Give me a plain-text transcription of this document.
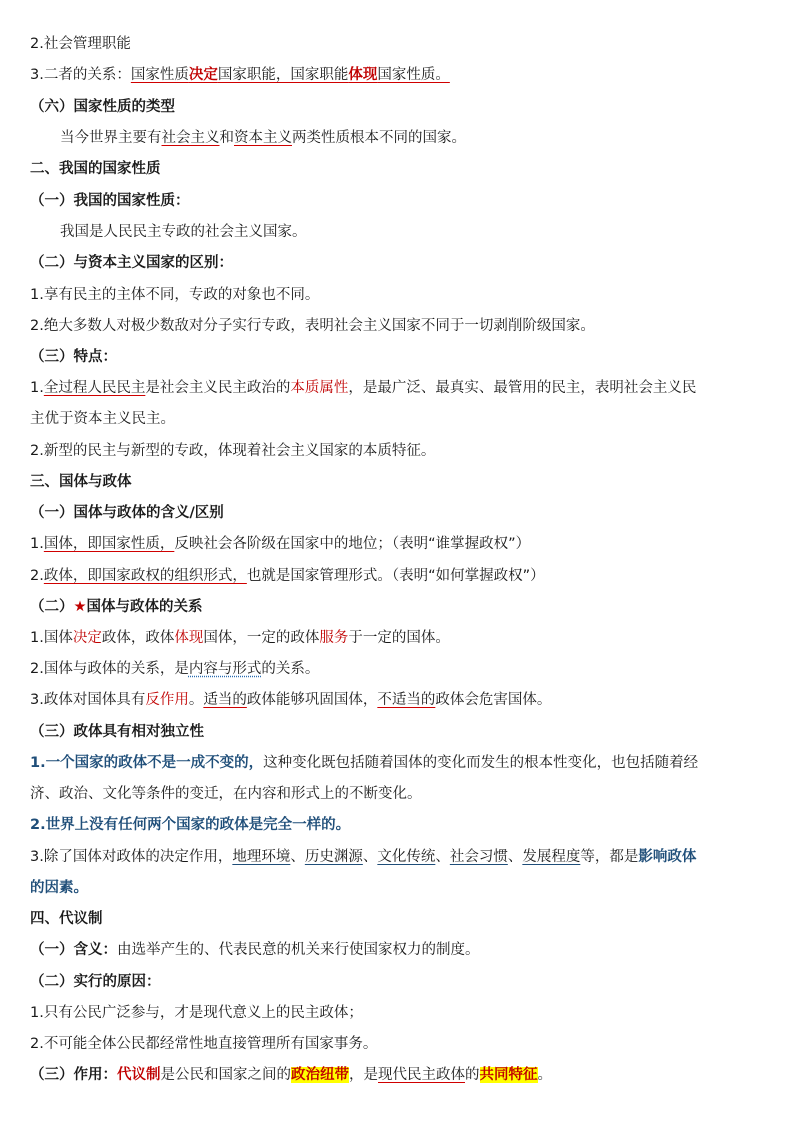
2.社会管理职能
3.二者的关系：国家性质决定国家职能，国家职能体现国家性质。
（六）国家性质的类型
当今世界主要有社会主义和资本主义两类性质根本不同的国家。
二、我国的国家性质
（一）我国的国家性质：
我国是人民民主专政的社会主义国家。
（二）与资本主义国家的区别：
1.享有民主的主体不同，专政的对象也不同。
2.绝大多数人对极少数敌对分子实行专政，表明社会主义国家不同于一切剥削阶级国家。
（三）特点：
1.全过程人民民主是社会主义民主政治的本质属性，是最广泛、最真实、最管用的民主，表明社会主义民
主优于资本主义民主。
2.新型的民主与新型的专政，体现着社会主义国家的本质特征。
三、国体与政体
（一）国体与政体的含义/区别
1.国体，即国家性质，反映社会各阶级在国家中的地位；（表明“谁掌握政权”）
2.政体，即国家政权的组织形式，也就是国家管理形式。（表明“如何掌握政权”）
（二）★国体与政体的关系
1.国体决定政体，政体体现国体，一定的政体服务于一定的国体。
2.国体与政体的关系，是内容与形式的关系。
3.政体对国体具有反作用。适当的政体能够巩固国体，不适当的政体会危害国体。
（三）政体具有相对独立性
1.一个国家的政体不是一成不变的，这种变化既包括随着国体的变化而发生的根本性变化，也包括随着经
济、政治、文化等条件的变迁，在内容和形式上的不断变化。
2.世界上没有任何两个国家的政体是完全一样的。
3.除了国体对政体的决定作用，地理环境、历史渊源、文化传统、社会习惯、发展程度等，都是影响政体
的因素。
四、代议制
（一）含义：由选举产生的、代表民意的机关来行使国家权力的制度。
（二）实行的原因：
1.只有公民广泛参与，才是现代意义上的民主政体；
2.不可能全体公民都经常性地直接管理所有国家事务。
（三）作用：代议制是公民和国家之间的政治纽带，是现代民主政体的共同特征。
